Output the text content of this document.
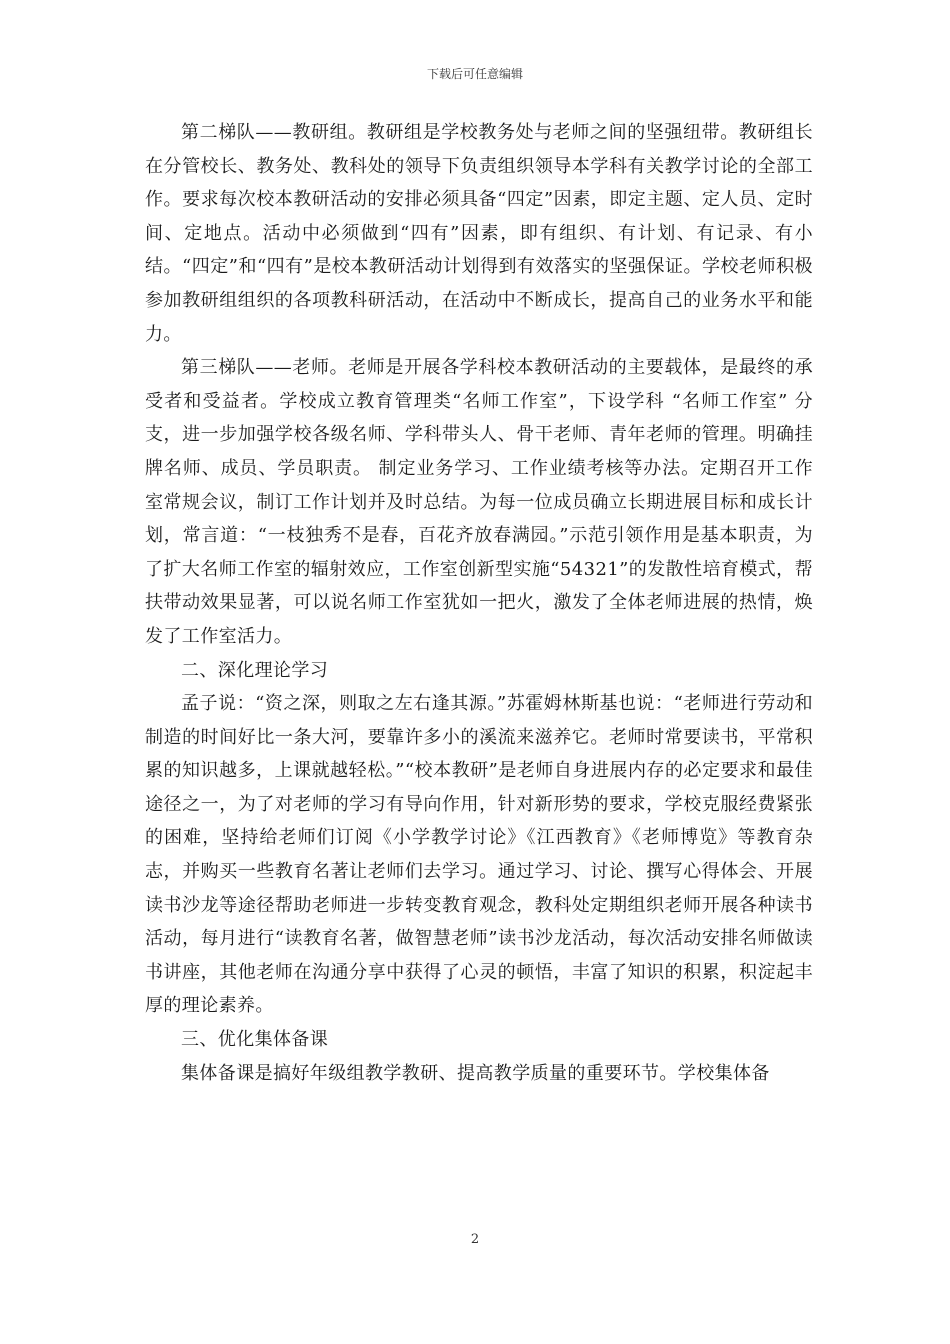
下载后可任意编辑

第二梯队——教研组。教研组是学校教务处与老师之间的坚强纽带。教研组长在分管校长、教务处、教科处的领导下负责组织领导本学科有关教学讨论的全部工作。要求每次校本教研活动的安排必须具备“四定”因素，即定主题、定人员、定时间、定地点。活动中必须做到“四有”因素，即有组织、有计划、有记录、有小结。“四定”和“四有”是校本教研活动计划得到有效落实的坚强保证。学校老师积极参加教研组组织的各项教科研活动，在活动中不断成长，提高自己的业务水平和能力。

第三梯队——老师。老师是开展各学科校本教研活动的主要载体，是最终的承受者和受益者。学校成立教育管理类“名师工作室”，下设学科 “名师工作室” 分支，进一步加强学校各级名师、学科带头人、骨干老师、青年老师的管理。明确挂牌名师、成员、学员职责。 制定业务学习、工作业绩考核等办法。定期召开工作室常规会议，制订工作计划并及时总结。为每一位成员确立长期进展目标和成长计划，常言道：“一枝独秀不是春，百花齐放春满园。”示范引领作用是基本职责，为了扩大名师工作室的辐射效应，工作室创新型实施“54321”的发散性培育模式，帮扶带动效果显著，可以说名师工作室犹如一把火，激发了全体老师进展的热情，焕发了工作室活力。

二、深化理论学习

孟子说：“资之深，则取之左右逢其源。”苏霍姆林斯基也说：“老师进行劳动和制造的时间好比一条大河，要靠许多小的溪流来滋养它。老师时常要读书，平常积累的知识越多，上课就越轻松。”“校本教研”是老师自身进展内存的必定要求和最佳途径之一，为了对老师的学习有导向作用，针对新形势的要求，学校克服经费紧张的困难，坚持给老师们订阅《小学教学讨论》《江西教育》《老师博览》等教育杂志，并购买一些教育名著让老师们去学习。通过学习、讨论、撰写心得体会、开展读书沙龙等途径帮助老师进一步转变教育观念，教科处定期组织老师开展各种读书活动，每月进行“读教育名著，做智慧老师”读书沙龙活动，每次活动安排名师做读书讲座，其他老师在沟通分享中获得了心灵的顿悟，丰富了知识的积累，积淀起丰厚的理论素养。

三、优化集体备课

集体备课是搞好年级组教学教研、提高教学质量的重要环节。学校集体备

2
